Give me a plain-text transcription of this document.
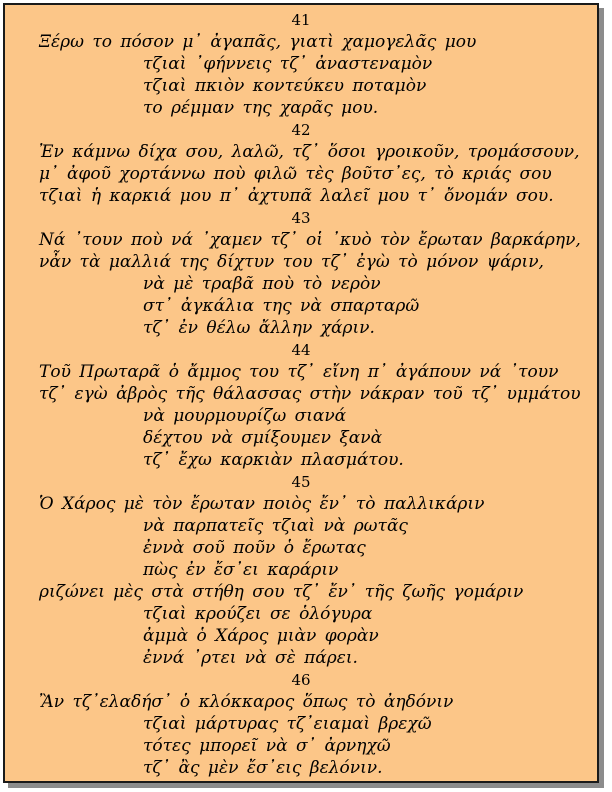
41
Ξέρω το πόσον μ᾽ ἀγαπᾶς, γιατὶ χαμογελᾶς μου
τζιαὶ ᾽φήννεις τζ᾽ ἀναστεναμὸν
τζιαὶ πκιὸν κοντεύκευ ποταμὸν
το ρέμμαν της χαρᾶς μου.
42
Ἐν κάμνω δίχα σου, λαλῶ, τζ᾽ ὅσοι γροικοῦν, τρομάσσουν,
μ᾽ ἀφοῦ χορτάννω ποὺ φιλῶ τὲς βοῦτσ᾽ες, τὸ κριάς σου
τζιαὶ ἡ καρκιά μου π᾽ ἀχτυπᾶ λαλεῖ μου τ᾽ ὄνομάν σου.
43
Νά ᾽τουν ποὺ νά ᾽χαμεν τζ᾽ οἱ ᾽κυὸ τὸν ἔρωταν βαρκάρην,
νἆν τὰ μαλλιά της δίχτυν του τζ᾽ ἐγὼ τὸ μόνον ψάριν,
νὰ μὲ τραβᾶ ποὺ τὸ νερὸν
στ᾽ ἀγκάλια της νὰ σπαρταρῶ
τζ᾽ ἐν θέλω ἄλλην χάριν.
44
Τοῦ Πρωταρᾶ ὁ ἄμμος του τζ᾽ εἴνη π᾽ ἀγάπουν νά ᾽τουν
τζ᾽ εγὼ ἀβρὸς τῆς θάλασσας στὴν νάκραν τοῦ τζ᾽ υμμάτου
νὰ μουρμουρίζω σιανά
δέχτου νὰ σμίξουμεν ξανὰ
τζ᾽ ἔχω καρκιὰν πλασμάτου.
45
Ὁ Χάρος μὲ τὸν ἔρωταν ποιὸς ἔν᾽ τὸ παλλικάριν
νὰ παρπατεῖς τζιαὶ νὰ ρωτᾶς
ἐννὰ σοῦ ποῦν ὁ ἔρωτας
πὼς ἐν ἔσ᾽ει καράριν
ριζώνει μὲς στὰ στήθη σου τζ᾽ ἔν᾽ τῆς ζωῆς γομάριν
τζιαὶ κρούζει σε ὁλόγυρα
ἀμμὰ ὁ Χάρος μιὰν φορὰν
ἐννά ᾽ρτει νὰ σὲ πάρει.
46
Ἂν τζ᾽ελαδήσ᾽ ὁ κλόκκαρος ὅπως τὸ ἀηδόνιν
τζιαὶ μάρτυρας τζ᾽ειαμαὶ βρεχῶ
τότες μπορεῖ νὰ σ᾽ ἀρνηχῶ
τζ᾽ ἂς μὲν ἔσ᾽εις βελόνιν.
